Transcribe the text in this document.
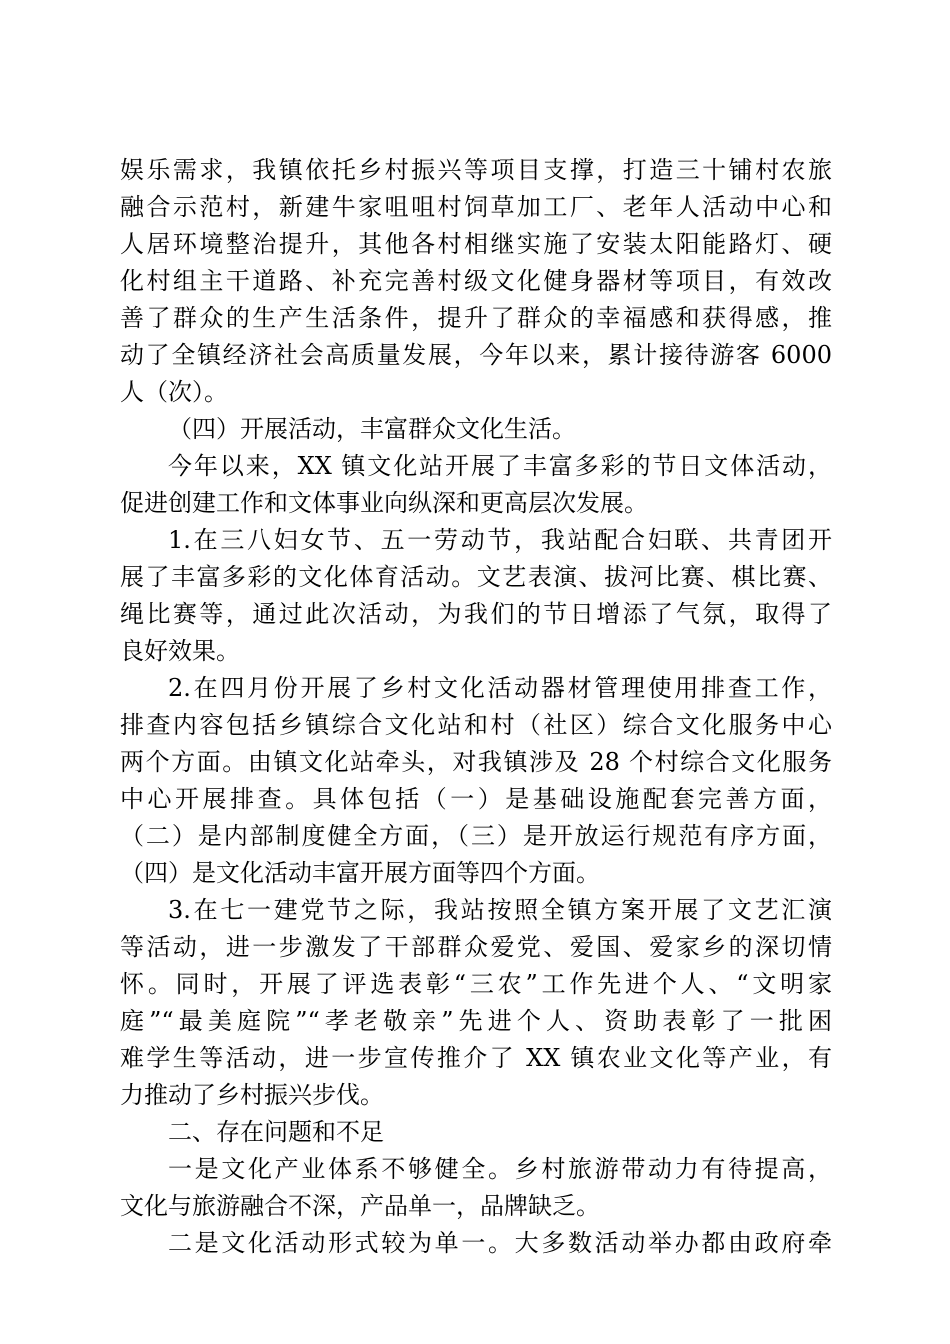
娱乐需求，我镇依托乡村振兴等项目支撑，打造三十铺村农旅
融合示范村，新建牛家咀咀村饲草加工厂、老年人活动中心和
人居环境整治提升，其他各村相继实施了安装太阳能路灯、硬
化村组主干道路、补充完善村级文化健身器材等项目，有效改
善了群众的生产生活条件，提升了群众的幸福感和获得感，推
动了全镇经济社会高质量发展，今年以来，累计接待游客 6000
人（次）。
（四）开展活动，丰富群众文化生活。
今年以来，XX 镇文化站开展了丰富多彩的节日文体活动，
促进创建工作和文体事业向纵深和更高层次发展。
1.在三八妇女节、五一劳动节，我站配合妇联、共青团开
展了丰富多彩的文化体育活动。文艺表演、拔河比赛、棋比赛、
绳比赛等，通过此次活动，为我们的节日增添了气氛，取得了
良好效果。
2.在四月份开展了乡村文化活动器材管理使用排查工作，
排查内容包括乡镇综合文化站和村（社区）综合文化服务中心
两个方面。由镇文化站牵头，对我镇涉及 28 个村综合文化服务
中心开展排查。具体包括（一）是基础设施配套完善方面，
（二）是内部制度健全方面，（三）是开放运行规范有序方面，
（四）是文化活动丰富开展方面等四个方面。
3.在七一建党节之际，我站按照全镇方案开展了文艺汇演
等活动，进一步激发了干部群众爱党、爱国、爱家乡的深切情
怀。同时，开展了评选表彰“三农”工作先进个人、“文明家
庭”“最美庭院”“孝老敬亲”先进个人、资助表彰了一批困
难学生等活动，进一步宣传推介了 XX 镇农业文化等产业，有
力推动了乡村振兴步伐。
二、存在问题和不足
一是文化产业体系不够健全。乡村旅游带动力有待提高，
文化与旅游融合不深，产品单一，品牌缺乏。
二是文化活动形式较为单一。大多数活动举办都由政府牵
